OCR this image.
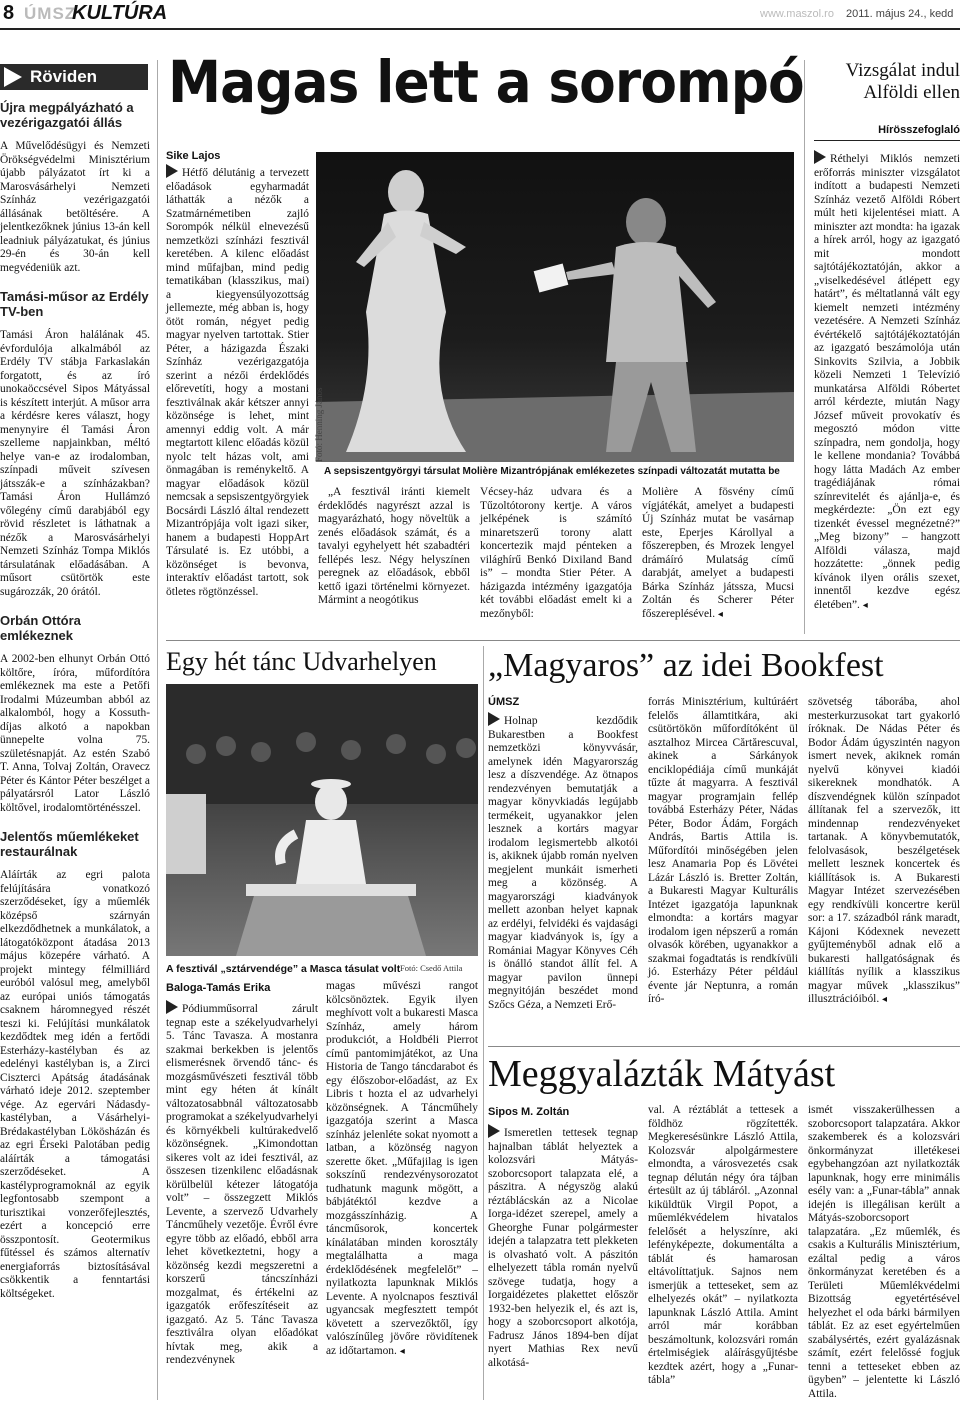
8 ÚMSZ
KULTÚRA	www.maszol.ro 2011. május 24., kedd
Röviden
Újra megpályázható a vezérigazgatói állás
A Művelődésügyi és Nemzeti Örökségvédelmi Minisztérium újabb pályázatot írt ki a Marosvásárhelyi Nemzeti Színház vezérigazgatói állásának betöltésére. A jelentkezőknek június 13-án kell leadniuk pályázatukat, és június 29-én és 30-án kell megvédeniük azt.
Tamási-műsor az Erdély TV-ben
Tamási Áron halálának 45. évfordulója alkalmából az Erdély TV stábja Farkaslakán forgatott, és az író unokaöccsével Sipos Mátyással is készített interjút. A műsor arra a kérdésre keres választ, hogy menynyire él Tamási Áron szelleme napjainkban, méltó helye van-e az irodalomban, színpadi műveit szívesen játsszák-e a színházakban? Tamási Áron Hullámzó vőlegény című darabjából egy rövid részletet is láthatnak a nézők a Marosvásárhelyi Nemzeti Színház Tompa Miklós társulatának előadásában. A műsort csütörtök este sugározzák, 20 órától.
Orbán Ottóra emlékeznek
A 2002-ben elhunyt Orbán Ottó költőre, íróra, műfordítóra emlékeznek ma este a Petőfi Irodalmi Múzeumban abból az alkalomból, hogy a Kossuth-díjas alkotó a napokban ünnepelte volna 75. születésnapját. Az estén Szabó T. Anna, Tolvaj Zoltán, Oravecz Péter és Kántor Péter beszélget a pályatársról Lator László költővel, irodalomtörténésszel.
Jelentős műemlékeket restaurálnak
Aláírták az egri palota felújítására vonatkozó szerződéseket, így a műemlék középső szárnyán elkezdődhetnek a munkálatok, a látogatóközpont átadása 2013 május közepére várható. A projekt mintegy félmilliárd euróból valósul meg, amelyből az európai uniós támogatás csaknem háromnegyed részét teszi ki. Felújítási munkálatok kezdődtek meg idén a fertődi Esterházy-kastélyban és az edelényi kastélyban is, a Zirci Ciszterci Apátság átadásának várható ideje 2012. szeptember vége. Az egervári Nádasdy-kastélyban, a Vásárhelyi-Brédakastélyban Lökösházán és az egri Érseki Palotában pedig aláírták a támogatási szerződéseket. A kastélyprogramoknál az egyik legfontosabb szempont a turisztikai vonzerőfejlesztés, ezért a koncepció erre összpontosít. Geotermikus fűtéssel és számos alternatív energiaforrás biztosításával csökkentik a fenntartási költségeket.
Magas lett a sorompó
Sike Lajos
Hétfő délutánig a tervezett előadások egyharmadát láthatták a nézők a Szatmárnémetiben zajló Sorompók nélkül elnevezésű nemzetközi színházi fesztivál keretében. A kilenc előadást mind műfajban, mind pedig tematikában (klasszikus, mai) a kiegyensúlyozottság jellemezte, még abban is, hogy ötöt román, négyet pedig magyar nyelven tartottak. Stier Péter, a házigazda Északi Színház vezérigazgatója szerint a nézői érdeklődés előrevetíti, hogy a mostani fesztiválnak akár kétszer annyi közönsége is lehet, mint amennyi eddig volt. A már megtartott kilenc előadás közül nyolc telt házas volt, ami önmagában is reménykeltő. A magyar előadások közül nemcsak a sepsiszentgyörgyiek Bocsárdi László által rendezett Mizantrópjája volt igazi siker, hanem a budapesti HoppArt Társulaté is. Ez utóbbi, a közönséget is bevonva, interaktív előadást tartott, sok ötletes rögtönzéssel.
Fotó: Henning János
A sepsiszentgyörgyi társulat Molière Mizantrópjának emlékezetes színpadi változatát mutatta be
„A fesztivál iránti kiemelt érdeklődés nagyrészt azzal is magyarázható, hogy növeltük a zenés előadások számát, és a tavalyi egyhelyett hét szabadtéri fellépés lesz. Négy helyszínen peregnek az előadások, ebből kettő igazi történelmi környezet. Mármint a neogótikus
Vécsey-ház udvara és a Tűzoltótorony kertje. A város jelképének is számító minaretszerű torony alatt koncertezik majd pénteken a világhírű Benkó Dixiland Band is” – mondta Stier Péter. A házigazda intézmény igazgatója két további előadást emelt ki a mezőnyből:
Molière A fösvény című vígjátékát, amelyet a budapesti Új Színház mutat be vasárnap este, Eperjes Károllyal a főszerepben, és Mrozek lengyel drámáíró Mulatság című darabját, amelyet a budapesti Bárka Színház játssza, Mucsi Zoltán és Scherer Péter főszereplésével. ◂
Vizsgálat indul Alföldi ellen
Hírösszefoglaló
Réthelyi Miklós nemzeti erőforrás miniszter vizsgálatot indított a budapesti Nemzeti Színház vezető Alföldi Róbert múlt heti kijelentései miatt. A miniszter azt mondta: ha igazak a hírek arról, hogy az igazgató mit mondott sajtótájékoztatóján, akkor a „viselkedésével átlépett egy határt”, és méltatlanná vált egy kiemelt nemzeti intézmény vezetésére. A Nemzeti Színház évértékelő sajtótájékoztatóján az igazgató beszámolója után Sinkovits Szilvia, a Jobbik közeli Nemzeti 1 Televízió munkatársa Alföldi Róbertet arról kérdezte, miután Nagy József műveit provokatív és megosztó módon vitte színpadra, nem gondolja, hogy le kellene mondania? Továbbá hogy látta Madách Az ember tragédiájának római színrevitelét és ajánlja-e, és megkérdezte: „Ön ezt egy tizenkét évessel megnézetné?” „Meg bizony” – hangzott Alföldi válasza, majd hozzátette: „önnek pedig kívánok ilyen orális szexet, innentől kezdve egész életében”. ◂
Egy hét tánc Udvarhelyen
A fesztivál „sztárvendége” a Masca tásulat volt Fotó: Csedő Attila
Baloga-Tamás Erika
Pódiumműsorral zárult tegnap este a székelyudvarhelyi 5. Tánc Tavasza. A mostanra szakmai berkekben is jelentős elismerésnek örvendő tánc- és mozgásművészeti fesztivál több mint egy héten át kínált változatosabbnál változatosabb programokat a székelyudvarhelyi és környékbeli kultúrakedvelő közönségnek. „Kimondottan sikeres volt az idei fesztivál, az összesen tizenkilenc előadásnak körülbelül kétezer látogatója volt” – összegzett Miklós Levente, a szervező Udvarhely Táncműhely vezetője. Évről évre egyre több az előadó, ebből arra lehet következtetni, hogy a közönség kezdi megszeretni a korszerű táncszínházi mozgalmat, és értékelni az igazgatók erőfeszítéseit az igazgató. Az 5. Tánc Tavasza fesztiválra olyan előadókat hívtak meg, akik a rendezvénynek
magas művészi rangot kölcsönöztek. Egyik ilyen meghívott volt a bukaresti Masca Színház, amely három produkciót, a Holdbéli Pierrot című pantomimjátékot, az Una Historia de Tango táncdarabot és egy élőszobor-előadást, az Ex Libris t hozta el az udvarhelyi közönségnek. A Táncműhely igazgatója szerint a Masca színház jelenléte sokat nyomott a latban, a közönség nagyon szerette őket. „Műfajilag is igen sokszínű rendezvénysorozatot tudhatunk magunk mögött, a bábjátéktól kezdve a mozgásszínházig. A táncműsorok, koncertek kínálatában minden korosztály megtalálhatta a maga érdeklődésének megfelelőt” – nyilatkozta lapunknak Miklós Levente. A nyolcnapos fesztivál ugyancsak megfesztett tempót követett a szervezőktől, így valószínűleg jövőre rövidítenek az időtartamon. ◂
„Magyaros” az idei Bookfest
ÚMSZ
Holnap kezdődik Bukarestben a Bookfest nemzetközi könyvvásár, amelynek idén Magyarország lesz a díszvendége. Az ötnapos rendezvényen bemutatják a magyar könyvkiadás legújabb termékeit, ugyanakkor jelen lesznek a kortárs magyar irodalom legismertebb alkotói is, akiknek újabb román nyelven megjelent munkáit ismerheti meg a közönség. A magyarországi kiadványok mellett azonban helyet kapnak az erdélyi, felvidéki és vajdasági magyar kiadványok is, így a Romániai Magyar Könyves Céh is önálló standot állít fel. A magyar pavilon ünnepi megnyitóján beszédet mond Szőcs Géza, a Nemzeti Erő-
forrás Minisztérium, kultúráért felelős államtitkára, aki csütörtökön műfordítóként ül asztalhoz Mircea Cărtărescuval, akinek a Sárkányok enciklopédiája című munkáját tűzte át magyarra. A fesztivál magyar programjain fellép továbbá Esterházy Péter, Nádas Péter, Bodor Ádám, Forgách András, Bartis Attila is. Műfordítói minőségében jelen lesz Anamaria Pop és Lövétei Lázár László is. Bretter Zoltán, a Bukaresti Magyar Kulturális Intézet igazgatója lapunknak elmondta: a kortárs magyar irodalom igen népszerű a román olvasók körében, ugyanakkor a szakmai fogadtatás is rendkívüli jó. Esterházy Péter például évente jár Neptunra, a román író-
szövetség táborába, ahol mesterkurzusokat tart gyakorló íróknak. De Nádas Péter és Bodor Ádám úgyszintén nagyon ismert nevek, akiknek román nyelvű könyvei kiadói sikereknek mondhatók. A díszvendégnek külön színpadot állítanak fel a szervezők, itt mindennap rendezvényeket tartanak. A könyvbemutatók, felolvasások, beszélgetések mellett lesznek koncertek és kiállítások is. A Bukaresti Magyar Intézet szervezésében egy rendkívüli koncertre kerül sor: a 17. századból ránk maradt, Kájoni Kódexnek nevezett gyűjteményből adnak elő a bukaresti hallgatóságnak és kiállítás nyílik a klasszikus magyar művek „klasszikus” illusztrációiból. ◂
Meggyalázták Mátyást
Sipos M. Zoltán
Ismeretlen tettesek tegnap hajnalban táblát helyeztek a kolozsvári Mátyás-szoborcsoport talapzata elé, a pászitra. A négyszög alakú réztáblácskán az a Nicolae Iorga-idézet szerepel, amely a Gheorghe Funar polgármester idején a talapzatra tett plekketen is olvasható volt. A pászitón elhelyezett tábla román nyelvű szövege tudatja, hogy a Iorgaidézetes plakettet először 1932-ben helyezik el, és azt is, hogy a szoborcsoport alkotója, Fadrusz János 1894-ben díjat nyert Mathias Rex nevű alkotásá-
val. A réztáblát a tettesek a földhöz rögzítették. Megkeresésünkre László Attila, Kolozsvár alpolgármestere elmondta, a városvezetés csak tegnap délután négy óra tájban értesült az új tábláról. „Azonnal kiküldtük Virgil Popot, a műemlékvédelem hivatalos felelősét a helyszínre, aki lefényképezte, dokumentálta a táblát és hamarosan eltávolíttatjuk. Sajnos nem ismerjük a tetteseket, sem az elhelyezés okát” – nyilatkozta lapunknak László Attila. Amint arról már korábban beszámoltunk, kolozsvári román értelmiségiek aláírásgyűjtésbe kezdtek azért, hogy a „Funar-tábla”
ismét visszakerülhessen a szoborcsoport talapzatára. Akkor szakemberek és a kolozsvári önkormányzat illetékesei egybehangzóan azt nyilatkozták lapunknak, hogy erre minimális esély van: a „Funar-tábla” annak idején is illegálisan került a Mátyás-szoborcsoport talapzatára. „Ez műemlék, és csakis a Kulturális Minisztérium, ezáltal pedig a város önkormányzat keretében és a Területi Műemlékvédelmi Bizottság egyetértésével helyezhet el oda bárki bármilyen táblát. Ez az eset egyértelműen szabálysértés, ezért gyalázásnak számít, ezért felelőssé fogjuk tenni a tetteseket ebben az ügyben” – jelentette ki László Attila.
